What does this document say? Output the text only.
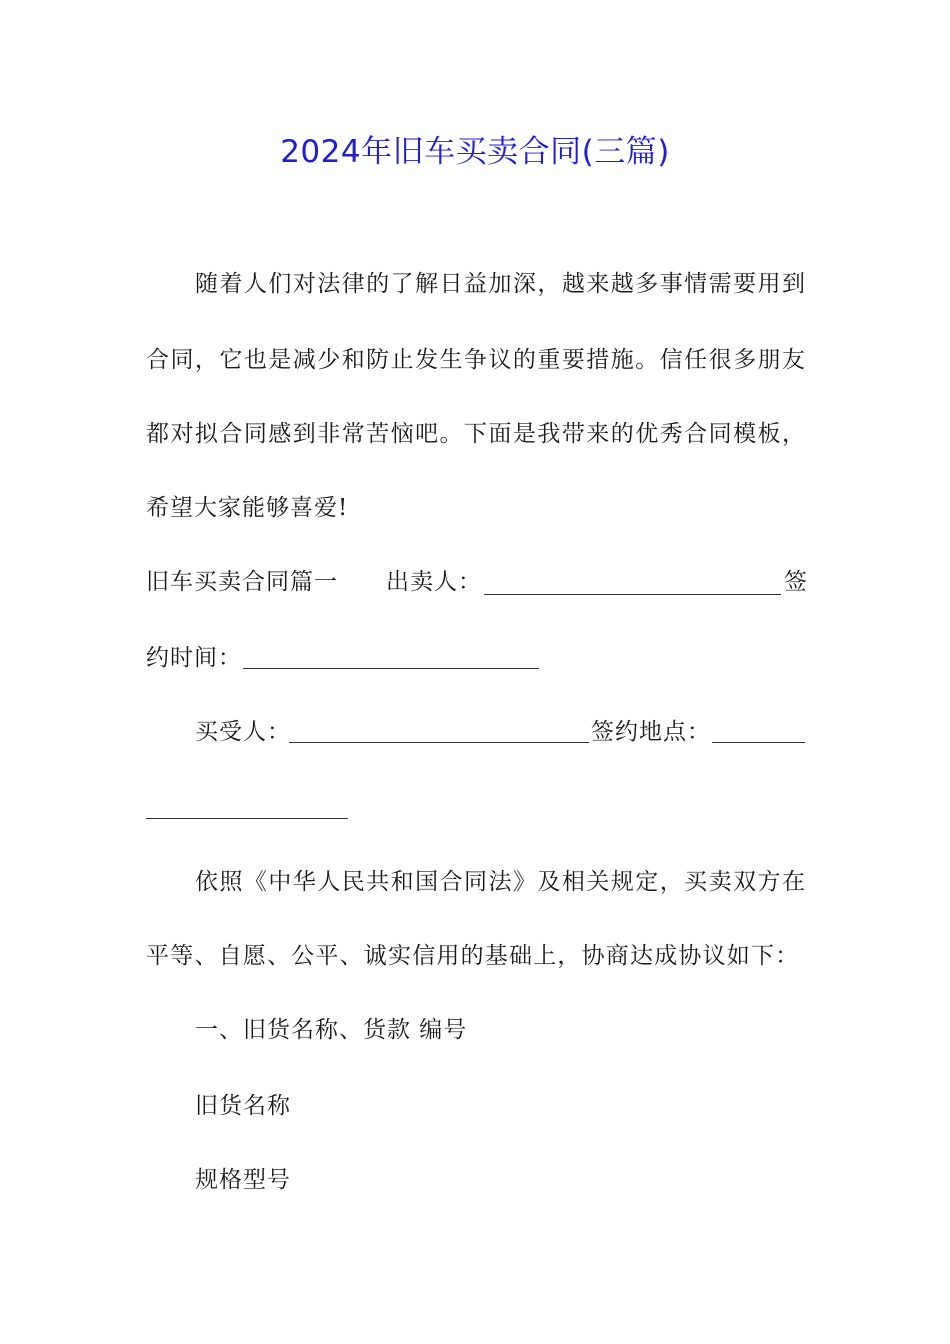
2024年旧车买卖合同(三篇)
随着人们对法律的了解日益加深，越来越多事情需要用到
合同，它也是减少和防止发生争议的重要措施。信任很多朋友
都对拟合同感到非常苦恼吧。下面是我带来的优秀合同模板，
希望大家能够喜爱!
旧车买卖合同篇一 出卖人：	签
约时间：
买受人：	签约地点：
依照《中华人民共和国合同法》及相关规定，买卖双方在
平等、自愿、公平、诚实信用的基础上，协商达成协议如下：
一、旧货名称、货款 编号
旧货名称
规格型号
